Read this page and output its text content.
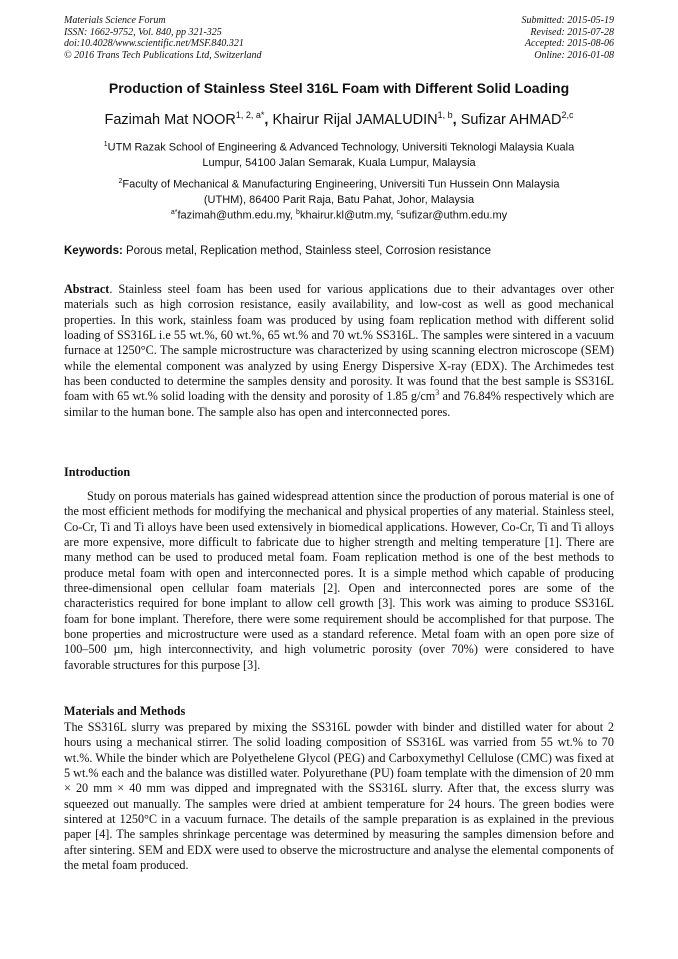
Materials Science Forum
ISSN: 1662-9752, Vol. 840, pp 321-325
doi:10.4028/www.scientific.net/MSF.840.321
© 2016 Trans Tech Publications Ltd, Switzerland
Submitted: 2015-05-19
Revised: 2015-07-28
Accepted: 2015-08-06
Online: 2016-01-08
Production of Stainless Steel 316L Foam with Different Solid Loading
Fazimah Mat $NOOR^{1, 2, a*}$, Khairur Rijal JAMALUDIN$^{1, b}$, Sufizar AHMAD$^{2,c}$
$^1$UTM Razak School of Engineering & Advanced Technology, Universiti Teknologi Malaysia Kuala
Lumpur, 54100 Jalan Semarak, Kuala Lumpur, Malaysia
$^2$Faculty of Mechanical & Manufacturing Engineering, Universiti Tun Hussein Onn Malaysia
(UTHM), 86400 Parit Raja, Batu Pahat, Johor, Malaysia
$^{a*}$fazimah@uthm.edu.my, $^b$khairur.kl@utm.my, $^c$sufizar@uthm.edu.my
Keywords: Porous metal, Replication method, Stainless steel, Corrosion resistance

Abstract. Stainless steel foam has been used for various applications due to their advantages over other materials such as high corrosion resistance, easily availability, and low-cost as well as good mechanical properties. In this work, stainless foam was produced by using foam replication method with different solid loading of SS316L i.e 55 wt.%, 60 wt.%, 65 wt.% and 70 wt.% SS316L. The samples were sintered in a vacuum furnace at 1250°C. The sample microstructure was characterized by using scanning electron microscope (SEM) while the elemental component was analyzed by using Energy Dispersive X-ray (EDX). The Archimedes test has been conducted to determine the samples density and porosity. It was found that the best sample is SS316L foam with 65 wt.% solid loading with the density and porosity of 1.85 $g/cm^3$ and 76.84% respectively which are similar to the human bone. The sample also has open and interconnected pores.

Introduction

Study on porous materials has gained widespread attention since the production of porous material is one of the most efficient methods for modifying the mechanical and physical properties of any material. Stainless steel, Co-Cr, Ti and Ti alloys have been used extensively in biomedical applications. However, Co-Cr, Ti and Ti alloys are more expensive, more difficult to fabricate due to higher strength and melting temperature [1]. There are many method can be used to produced metal foam. Foam replication method is one of the best methods to produce metal foam with open and interconnected pores. It is a simple method which capable of producing three-dimensional open cellular foam materials [2]. Open and interconnected pores are some of the characteristics required for bone implant to allow cell growth [3]. This work was aiming to produce SS316L foam for bone implant. Therefore, there were some requirement should be accomplished for that purpose. The bone properties and microstructure were used as a standard reference. Metal foam with an open pore size of 100–500 µm, high interconnectivity, and high volumetric porosity (over 70%) were considered to have favorable structures for this purpose [3].

Materials and Methods

The SS316L slurry was prepared by mixing the SS316L powder with binder and distilled water for about 2 hours using a mechanical stirrer. The solid loading composition of SS316L was varried from 55 wt.% to 70 wt.%. While the binder which are Polyethelene Glycol (PEG) and Carboxymethyl Cellulose (CMC) was fixed at 5 wt.% each and the balance was distilled water. Polyurethane (PU) foam template with the dimension of 20 mm × 20 mm × 40 mm was dipped and impregnated with the SS316L slurry. After that, the excess slurry was squeezed out manually. The samples were dried at ambient temperature for 24 hours. The green bodies were sintered at 1250°C in a vacuum furnace. The details of the sample preparation is as explained in the previous paper [4]. The samples shrinkage percentage was determined by measuring the samples dimension before and after sintering. SEM and EDX were used to observe the microstructure and analyse the elemental components of the metal foam produced.
